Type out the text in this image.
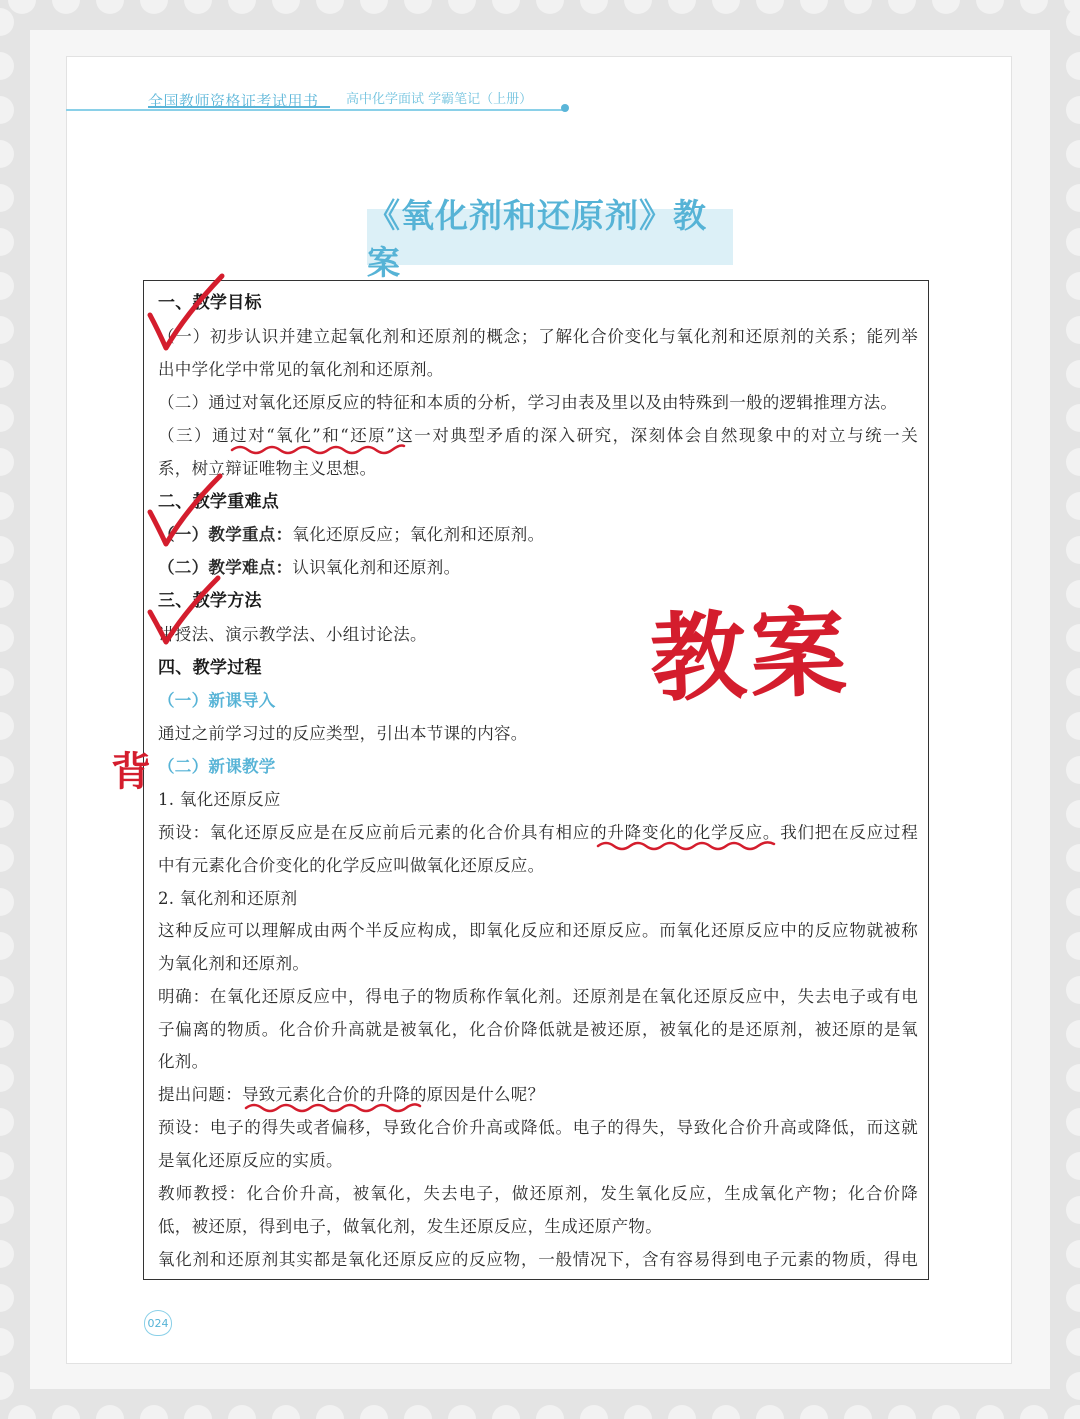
全国教师资格证考试用书 高中化学面试 学霸笔记（上册）
《氧化剂和还原剂》教案
一、教学目标
（一）初步认识并建立起氧化剂和还原剂的概念；了解化合价变化与氧化剂和还原剂的关系；能列举
出中学化学中常见的氧化剂和还原剂。
（二）通过对氧化还原反应的特征和本质的分析，学习由表及里以及由特殊到一般的逻辑推理方法。
（三）通过对“氧化”和“还原”这一对典型矛盾的深入研究，深刻体会自然现象中的对立与统一关
系，树立辩证唯物主义思想。
二、教学重难点
（一）教学重点：氧化还原反应；氧化剂和还原剂。
（二）教学难点：认识氧化剂和还原剂。
三、教学方法
讲授法、演示教学法、小组讨论法。
四、教学过程
（一）新课导入
通过之前学习过的反应类型，引出本节课的内容。
（二）新课教学
1. 氧化还原反应
预设：氧化还原反应是在反应前后元素的化合价具有相应的升降变化的化学反应。我们把在反应过程
中有元素化合价变化的化学反应叫做氧化还原反应。
2. 氧化剂和还原剂
这种反应可以理解成由两个半反应构成，即氧化反应和还原反应。而氧化还原反应中的反应物就被称
为氧化剂和还原剂。
明确：在氧化还原反应中，得电子的物质称作氧化剂。还原剂是在氧化还原反应中，失去电子或有电
子偏离的物质。化合价升高就是被氧化，化合价降低就是被还原，被氧化的是还原剂，被还原的是氧
化剂。
提出问题：导致元素化合价的升降的原因是什么呢？
预设：电子的得失或者偏移，导致化合价升高或降低。电子的得失，导致化合价升高或降低，而这就
是氧化还原反应的实质。
教师教授：化合价升高，被氧化，失去电子，做还原剂，发生氧化反应，生成氧化产物；化合价降
低，被还原，得到电子，做氧化剂，发生还原反应，生成还原产物。
氧化剂和还原剂其实都是氧化还原反应的反应物，一般情况下，含有容易得到电子元素的物质，得电
教案
背
024
